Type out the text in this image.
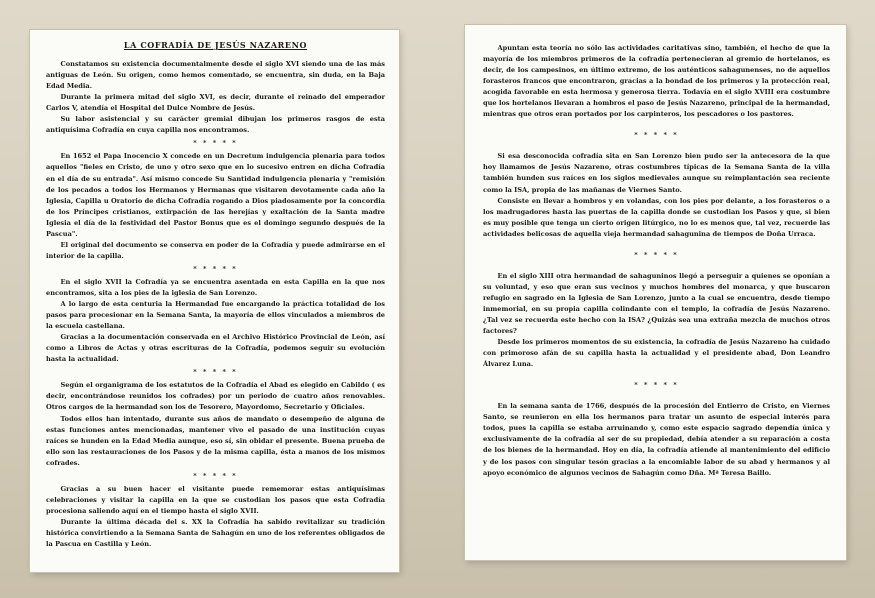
LA COFRADÍA DE JESÚS NAZARENO

Constatamos su existencia documentalmente desde el siglo XVI siendo una de las más antiguas de León. Su origen, como hemos comentado, se encuentra, sin duda, en la Baja Edad Media.

Durante la primera mitad del siglo XVI, es decir, durante el reinado del emperador Carlos V, atendía el Hospital del Dulce Nombre de Jesús.

Su labor asistencial y su carácter gremial dibujan los primeros rasgos de esta antiquísima Cofradía en cuya capilla nos encontramos.

* * * * *

En 1652 el Papa Inocencio X concede en un Decretum indulgencia plenaria para todos aquellos "fieles en Cristo, de uno y otro sexo que en lo sucesivo entren en dicha Cofradía en el día de su entrada". Así mismo concede Su Santidad indulgencia plenaria y "remisión de los pecados a todos los Hermanos y Hermanas que visitaren devotamente cada año la Iglesia, Capilla u Oratorio de dicha Cofradía rogando a Dios piadosamente por la concordia de los Príncipes cristianos, extirpación de las herejías y exaltación de la Santa madre Iglesia el día de la festividad del Pastor Bonus que es el domingo segundo después de la Pascua".

El original del documento se conserva en poder de la Cofradía y puede admirarse en el interior de la capilla.

* * * * *

En el siglo XVII la Cofradía ya se encuentra asentada en esta Capilla en la que nos encontramos, sita a los pies de la iglesia de San Lorenzo.

A lo largo de esta centuria la Hermandad fue encargando la práctica totalidad de los pasos para procesionar en la Semana Santa, la mayoría de ellos vinculados a miembros de la escuela castellana.

Gracias a la documentación conservada en el Archivo Histórico Provincial de León, así como a Libros de Actas y otras escrituras de la Cofradía, podemos seguir su evolución hasta la actualidad.

* * * * *

Según el organigrama de los estatutos de la Cofradía el Abad es elegido en Cabildo ( es decir, encontrándose reunidos los cofrades) por un periodo de cuatro años renovables. Otros cargos de la hermandad son los de Tesorero, Mayordomo, Secretario y Oficiales.

Todos ellos han intentado, durante sus años de mandato o desempeño de alguna de estas funciones antes mencionadas, mantener vivo el pasado de una institución cuyas raíces se hunden en la Edad Media aunque, eso sí, sin obidar el presente. Buena prueba de ello son las restauraciones de los Pasos y de la misma capilla, ésta a manos de los mismos cofrades.

* * * * *

Gracias a su buen hacer el visitante puede rememorar estas antiquísimas celebraciones y visitar la capilla en la que se custodian los pasos que esta Cofradía procesiona saliendo aquí en el tiempo hasta el siglo XVII.

Durante la última década del s. XX la Cofradía ha sabido revitalizar su tradición histórica convirtiendo a la Semana Santa de Sahagún en uno de los referentes obligados de la Pascua en Castilla y León.

Apuntan esta teoría no sólo las actividades caritativas sino, también, el hecho de que la mayoría de los miembros primeros de la cofradía pertenecieran al gremio de hortelanos, es decir, de los campesinos, en último extremo, de los auténticos sahagunenses, no de aquellos forasteros francos que encontraron, gracias a la bondad de los primeros y la protección real, acogida favorable en esta hermosa y generosa tierra. Todavía en el siglo XVIII era costumbre que los hortelanos llevaran a hombros el paso de Jesús Nazareno, principal de la hermandad, mientras que otros eran portados por los carpinteros, los pescadores o los pastores.

* * * * *

Si esa desconocida cofradía sita en San Lorenzo bien pudo ser la antecesora de la que hoy llamamos de Jesús Nazareno, otras costumbres típicas de la Semana Santa de la villa también hunden sus raíces en los siglos medievales aunque su reimplantación sea reciente como la ISA, propia de las mañanas de Viernes Santo.

Consiste en llevar a hombros y en volandas, con los pies por delante, a los forasteros o a los madrugadores hasta las puertas de la capilla donde se custodian los Pasos y que, si bien es muy posible que tenga un cierto origen litúrgico, no lo es menos que, tal vez, recuerde las actividades belicosas de aquella vieja hermandad sahagunina de tiempos de Doña Urraca.

* * * * *

En el siglo XIII otra hermandad de sahaguninos llegó a perseguir a quienes se oponían a su voluntad, y eso que eran sus vecinos y muchos hombres del monarca, y que buscaron refugio en sagrado en la Iglesia de San Lorenzo, junto a la cual se encuentra, desde tiempo inmemorial, en su propia capilla colindante con el templo, la cofradía de Jesús Nazareno. ¿Tal vez se recuerda este hecho con la ISA? ¿Quizás sea una extraña mezcla de muchos otros factores?

Desde los primeros momentos de su existencia, la cofradía de Jesús Nazareno ha cuidado con primoroso afán de su capilla hasta la actualidad y el presidente abad, Don Leandro Álvarez Luna.

* * * * *

En la semana santa de 1766, después de la procesión del Entierro de Cristo, en Viernes Santo, se reunieron en ella los hermanos para tratar un asunto de especial interés para todos, pues la capilla se estaba arruinando y, como este espacio sagrado dependía única y exclusivamente de la cofradía al ser de su propiedad, debía atender a su reparación a costa de los bienes de la hermandad. Hoy en día, la cofradía atiende al mantenimiento del edificio y de los pasos con singular tesón gracias a la encomiable labor de su abad y hermanos y al apoyo económico de algunos vecinos de Sahagún como Dña. Mª Teresa Baillo.
